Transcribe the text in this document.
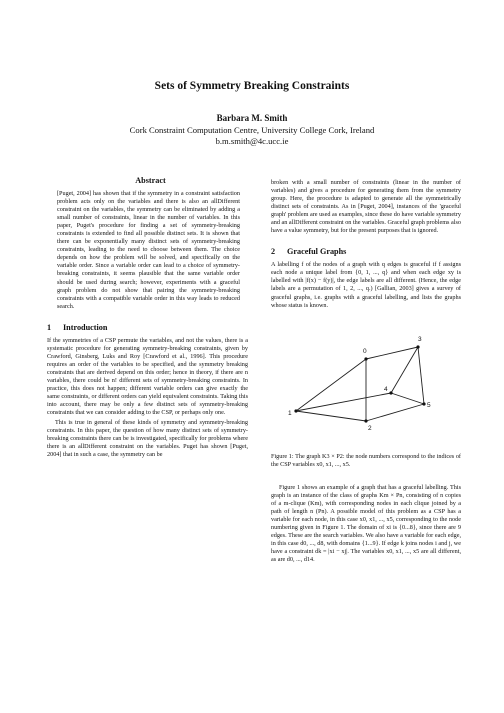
Sets of Symmetry Breaking Constraints
Barbara M. Smith
Cork Constraint Computation Centre, University College Cork, Ireland
b.m.smith@4c.ucc.ie
Abstract
[Puget, 2004] has shown that if the symmetry in a constraint satisfaction problem acts only on the variables and there is also an allDifferent constraint on the variables, the symmetry can be eliminated by adding a small number of constraints, linear in the number of variables. In this paper, Puget's procedure for finding a set of symmetry-breaking constraints is extended to find all possible distinct sets. It is shown that there can be exponentially many distinct sets of symmetry-breaking constraints, leading to the need to choose between them. The choice depends on how the problem will be solved, and specifically on the variable order. Since a variable order can lead to a choice of symmetry-breaking constraints, it seems plausible that the same variable order should be used during search; however, experiments with a graceful graph problem do not show that pairing the symmetry-breaking constraints with a compatible variable order in this way leads to reduced search.
1 Introduction

If the symmetries of a CSP permute the variables, and not the values, there is a systematic procedure for generating symmetry-breaking constraints, given by Crawford, Ginsberg, Luks and Roy [Crawford et al., 1996]. This procedure requires an order of the variables to be specified, and the symmetry breaking constraints that are derived depend on this order; hence in theory, if there are n variables, there could be n! different sets of symmetry-breaking constraints. In practice, this does not happen; different variable orders can give exactly the same constraints, or different orders can yield equivalent constraints. Taking this into account, there may be only a few distinct sets of symmetry-breaking constraints that we can consider adding to the CSP, or perhaps only one.

This is true in general of these kinds of symmetry and symmetry-breaking constraints. In this paper, the question of how many distinct sets of symmetry-breaking constraints there can be is investigated, specifically for problems where there is an allDifferent constraint on the variables. Puget has shown [Puget, 2004] that in such a case, the symmetry can be

broken with a small number of constraints (linear in the number of variables) and gives a procedure for generating them from the symmetry group. Here, the procedure is adapted to generate all the symmetrically distinct sets of constraints. As in [Puget, 2004], instances of the 'graceful graph' problem are used as examples, since these do have variable symmetry and an allDifferent constraint on the variables. Graceful graph problems also have a value symmetry, but for the present purposes that is ignored.

2 Graceful Graphs

A labelling f of the nodes of a graph with q edges is graceful if f assigns each node a unique label from {0, 1, ..., q} and when each edge xy is labelled with |f(x) − f(y)|, the edge labels are all different. (Hence, the edge labels are a permutation of 1, 2, ..., q.) [Gallian, 2003] gives a survey of graceful graphs, i.e. graphs with a graceful labelling, and lists the graphs whose status is known.

0
1
2
3
4
5
Figure 1: The graph K3 × P2: the node numbers correspond to the indices of the CSP variables x0, x1, ..., x5.

Figure 1 shows an example of a graph that has a graceful labelling. This graph is an instance of the class of graphs Km × Pn, consisting of n copies of a m-clique (Km), with corresponding nodes in each clique joined by a path of length n (Pn). A possible model of this problem as a CSP has a variable for each node, in this case x0, x1, ..., x5, corresponding to the node numbering given in Figure 1. The domain of xi is {0...8}, since there are 9 edges. These are the search variables. We also have a variable for each edge, in this case d0, ..., d8, with domains {1...9}. If edge k joins nodes i and j, we have a constraint dk = |xi − xj|. The variables x0, x1, ..., x5 are all different, as are d0, ..., d14.
